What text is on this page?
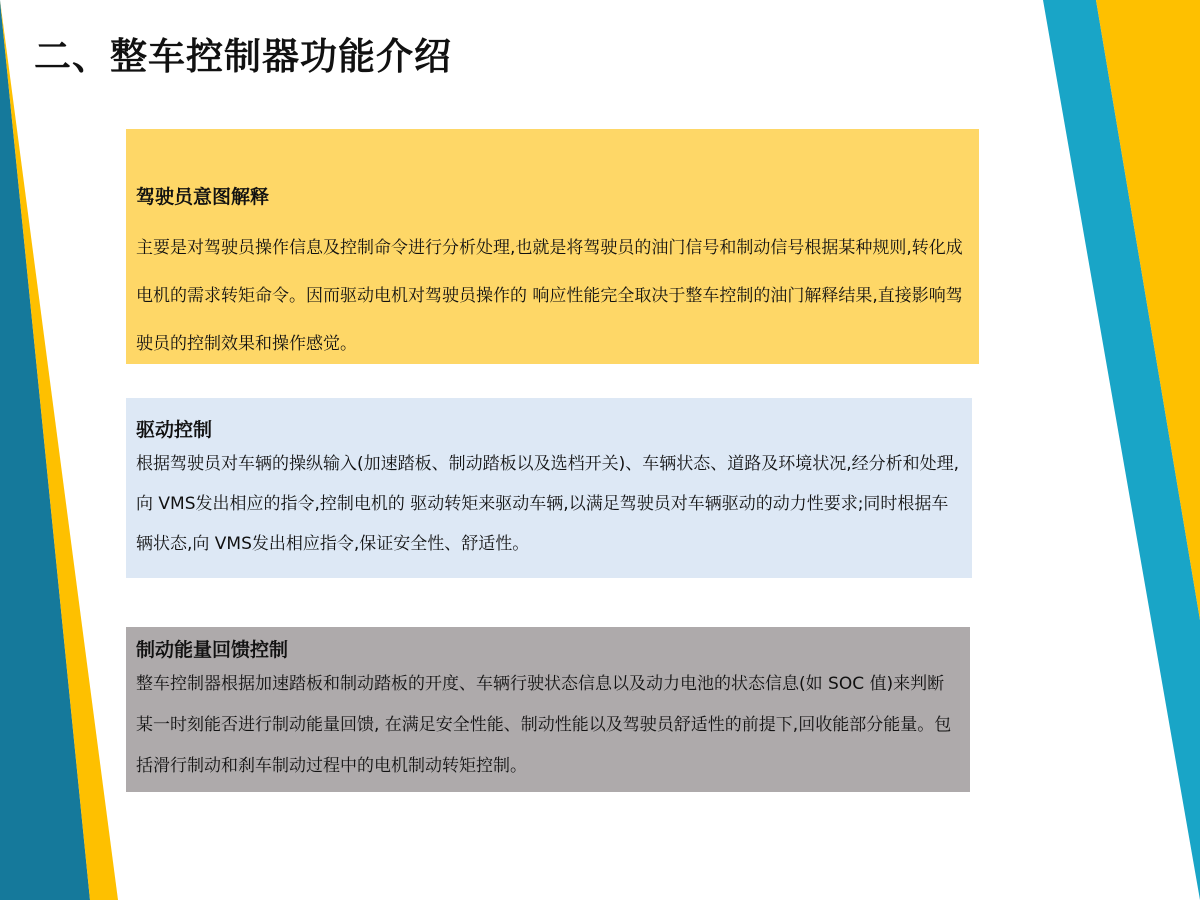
二、整车控制器功能介绍
驾驶员意图解释

主要是对驾驶员操作信息及控制命令进行分析处理,也就是将驾驶员的油门信号和制动信号根据某种规则,转化成电机的需求转矩命令。因而驱动电机对驾驶员操作的 响应性能完全取决于整车控制的油门解释结果,直接影响驾驶员的控制效果和操作感觉。

驱动控制

根据驾驶员对车辆的操纵输入(加速踏板、制动踏板以及选档开关)、车辆状态、道路及环境状况,经分析和处理,向 VMS发出相应的指令,控制电机的 驱动转矩来驱动车辆,以满足驾驶员对车辆驱动的动力性要求;同时根据车辆状态,向 VMS发出相应指令,保证安全性、舒适性。

制动能量回馈控制

整车控制器根据加速踏板和制动踏板的开度、车辆行驶状态信息以及动力电池的状态信息(如 SOC 值)来判断某一时刻能否进行制动能量回馈, 在满足安全性能、制动性能以及驾驶员舒适性的前提下,回收能部分能量。包括滑行制动和刹车制动过程中的电机制动转矩控制。
